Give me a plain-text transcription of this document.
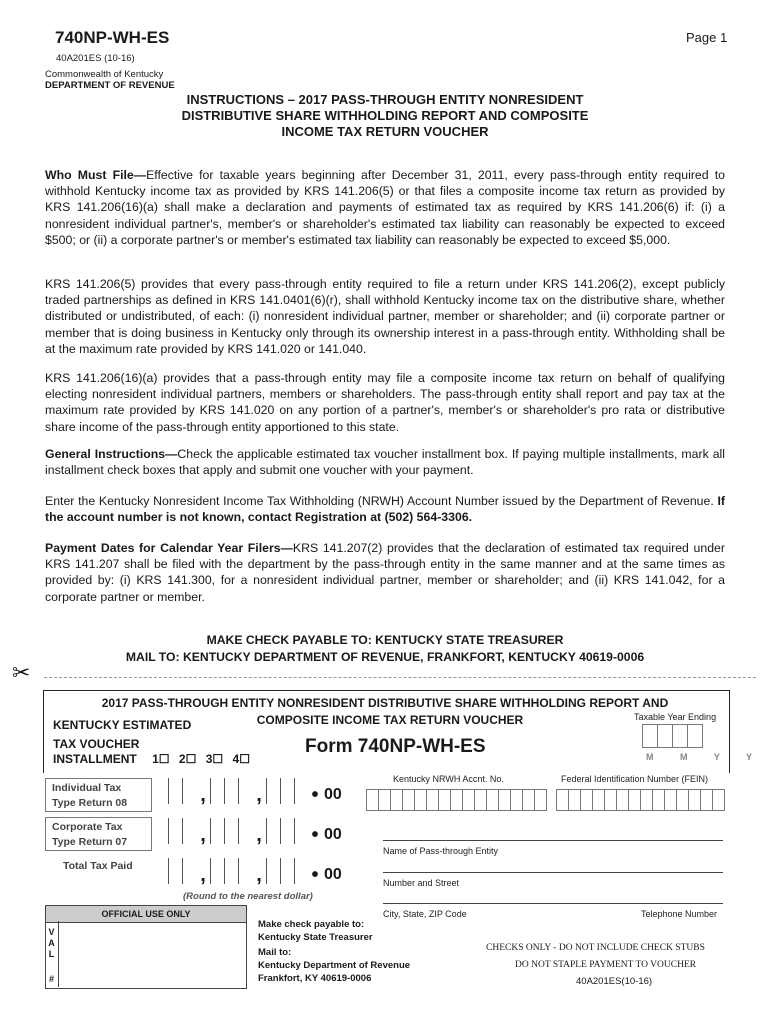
740NP-WH-ES	Page 1
40A201ES (10-16)
Commonwealth of Kentucky
DEPARTMENT OF REVENUE
INSTRUCTIONS – 2017 PASS-THROUGH ENTITY NONRESIDENT
DISTRIBUTIVE SHARE WITHHOLDING REPORT AND COMPOSITE
INCOME TAX RETURN VOUCHER
Who Must File—Effective for taxable years beginning after December 31, 2011, every pass-through entity required to withhold Kentucky income tax as provided by KRS 141.206(5) or that files a composite income tax return as provided by KRS 141.206(16)(a) shall make a declaration and payments of estimated tax as required by KRS 141.206(6) if: (i) a nonresident individual partner's, member's or shareholder's estimated tax liability can reasonably be expected to exceed $500; or (ii) a corporate partner's or member's estimated tax liability can reasonably be expected to exceed $5,000.
KRS 141.206(5) provides that every pass-through entity required to file a return under KRS 141.206(2), except publicly traded partnerships as defined in KRS 141.0401(6)(r), shall withhold Kentucky income tax on the distributive share, whether distributed or undistributed, of each: (i) nonresident individual partner, member or shareholder; and (ii) corporate partner or member that is doing business in Kentucky only through its ownership interest in a pass-through entity. Withholding shall be at the maximum rate provided by KRS 141.020 or 141.040.
KRS 141.206(16)(a) provides that a pass-through entity may file a composite income tax return on behalf of qualifying electing nonresident individual partners, members or shareholders. The pass-through entity shall report and pay tax at the maximum rate provided by KRS 141.020 on any portion of a partner's, member's or shareholder's pro rata or distributive share income of the pass-through entity apportioned to this state.
General Instructions—Check the applicable estimated tax voucher installment box. If paying multiple installments, mark all installment check boxes that apply and submit one voucher with your payment.
Enter the Kentucky Nonresident Income Tax Withholding (NRWH) Account Number issued by the Department of Revenue. If the account number is not known, contact Registration at (502) 564-3306.
Payment Dates for Calendar Year Filers—KRS 141.207(2) provides that the declaration of estimated tax required under KRS 141.207 shall be filed with the department by the pass-through entity in the same manner and at the same times as provided by: (i) KRS 141.300, for a nonresident individual partner, member or shareholder; and (ii) KRS 141.042, for a corporate partner or member.
MAKE CHECK PAYABLE TO: KENTUCKY STATE TREASURER
MAIL TO: KENTUCKY DEPARTMENT OF REVENUE, FRANKFORT, KENTUCKY 40619-0006
✂
2017 PASS-THROUGH ENTITY NONRESIDENT DISTRIBUTIVE SHARE WITHHOLDING REPORT AND
COMPOSITE INCOME TAX RETURN VOUCHER
KENTUCKY ESTIMATED
TAX VOUCHER
INSTALLMENT 1☐ 2☐ 3☐ 4☐
Form 740NP-WH-ES
Taxable Year Ending
M M Y Y
Individual Tax
Type Return 08	,	, • 00
Corporate Tax
Type Return 07	,	, • 00
Total Tax Paid	,	, • 00
(Round to the nearest dollar)
Kentucky NRWH Accnt. No.	Federal Identification Number (FEIN)
Name of Pass-through Entity
Number and Street
City, State, ZIP Code	Telephone Number
OFFICIAL USE ONLY
V A L
#
Make check payable to:
Kentucky State Treasurer
Mail to:
Kentucky Department of Revenue
Frankfort, KY 40619-0006
CHECKS ONLY - DO NOT INCLUDE CHECK STUBS
DO NOT STAPLE PAYMENT TO VOUCHER
40A201ES(10-16)
